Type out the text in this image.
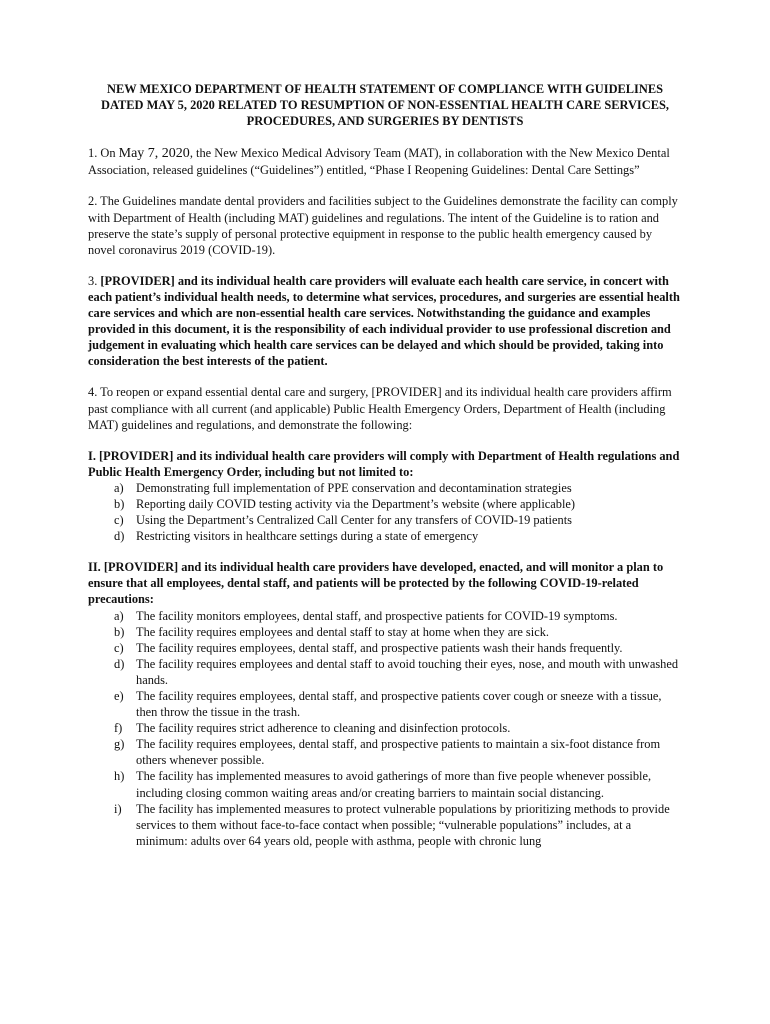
NEW MEXICO DEPARTMENT OF HEALTH STATEMENT OF COMPLIANCE WITH GUIDELINES DATED MAY 5, 2020 RELATED TO RESUMPTION OF NON-ESSENTIAL HEALTH CARE SERVICES, PROCEDURES, AND SURGERIES BY DENTISTS

1. On May 7, 2020, the New Mexico Medical Advisory Team (MAT), in collaboration with the New Mexico Dental Association, released guidelines (“Guidelines”) entitled, “Phase I Reopening Guidelines: Dental Care Settings”

2. The Guidelines mandate dental providers and facilities subject to the Guidelines demonstrate the facility can comply with Department of Health (including MAT) guidelines and regulations. The intent of the Guideline is to ration and preserve the state’s supply of personal protective equipment in response to the public health emergency caused by novel coronavirus 2019 (COVID-19).

3. [PROVIDER] and its individual health care providers will evaluate each health care service, in concert with each patient’s individual health needs, to determine what services, procedures, and surgeries are essential health care services and which are non-essential health care services. Notwithstanding the guidance and examples provided in this document, it is the responsibility of each individual provider to use professional discretion and judgement in evaluating which health care services can be delayed and which should be provided, taking into consideration the best interests of the patient.

4. To reopen or expand essential dental care and surgery, [PROVIDER] and its individual health care providers affirm past compliance with all current (and applicable) Public Health Emergency Orders, Department of Health (including MAT) guidelines and regulations, and demonstrate the following:

I. [PROVIDER] and its individual health care providers will comply with Department of Health regulations and Public Health Emergency Order, including but not limited to:

a) Demonstrating full implementation of PPE conservation and decontamination strategies
b) Reporting daily COVID testing activity via the Department’s website (where applicable)
c) Using the Department’s Centralized Call Center for any transfers of COVID-19 patients
d) Restricting visitors in healthcare settings during a state of emergency

II. [PROVIDER] and its individual health care providers have developed, enacted, and will monitor a plan to ensure that all employees, dental staff, and patients will be protected by the following COVID-19-related precautions:

a) The facility monitors employees, dental staff, and prospective patients for COVID-19 symptoms.
b) The facility requires employees and dental staff to stay at home when they are sick.
c) The facility requires employees, dental staff, and prospective patients wash their hands frequently.
d) The facility requires employees and dental staff to avoid touching their eyes, nose, and mouth with unwashed hands.
e) The facility requires employees, dental staff, and prospective patients cover cough or sneeze with a tissue, then throw the tissue in the trash.
f)	The facility requires strict adherence to cleaning and disinfection protocols.
g) The facility requires employees, dental staff, and prospective patients to maintain a six-foot distance from others whenever possible.
h) The facility has implemented measures to avoid gatherings of more than five people whenever possible, including closing common waiting areas and/or creating barriers to maintain social distancing.
i)	The facility has implemented measures to protect vulnerable populations by prioritizing methods to provide services to them without face-to-face contact when possible; “vulnerable populations” includes, at a minimum: adults over 64 years old, people with asthma, people with chronic lung
